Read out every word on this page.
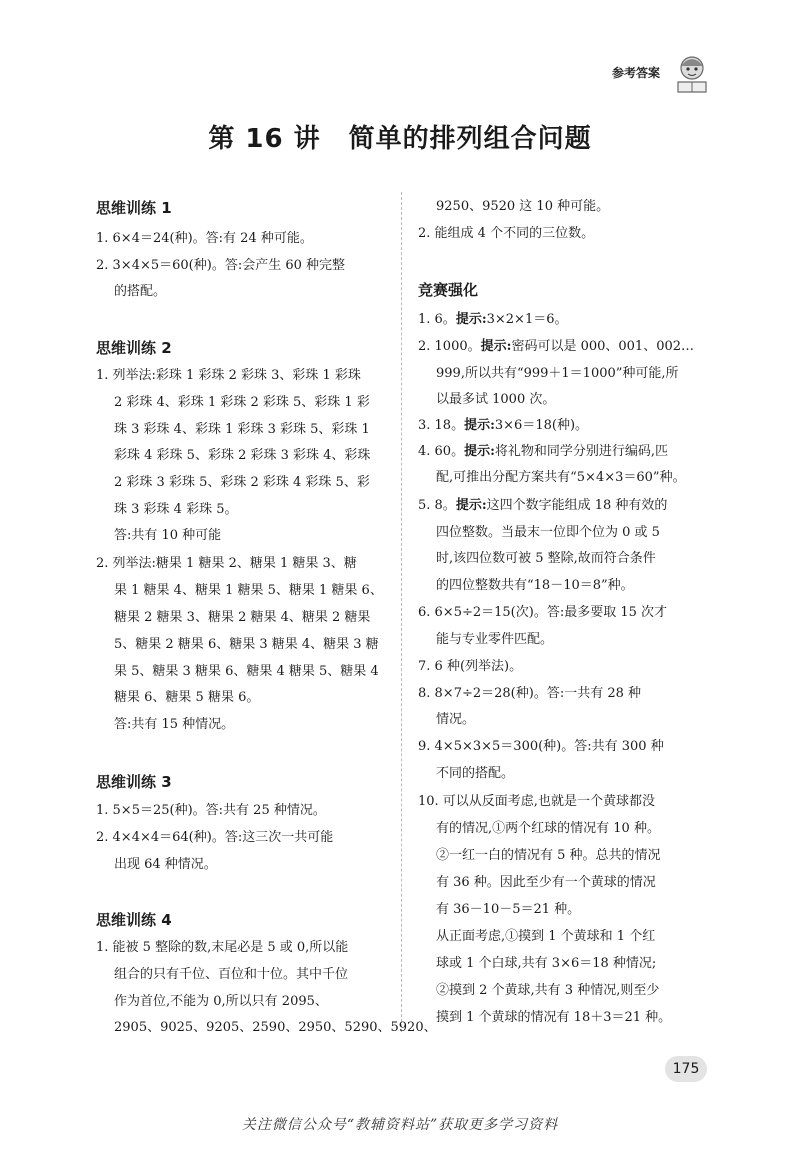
参考答案
第 16 讲 简单的排列组合问题
思维训练 1
1. 6×4＝24(种)。答:有 24 种可能。
2. 3×4×5＝60(种)。答:会产生 60 种完整
的搭配。
思维训练 2
1. 列举法:彩珠 1 彩珠 2 彩珠 3、彩珠 1 彩珠
2 彩珠 4、彩珠 1 彩珠 2 彩珠 5、彩珠 1 彩
珠 3 彩珠 4、彩珠 1 彩珠 3 彩珠 5、彩珠 1
彩珠 4 彩珠 5、彩珠 2 彩珠 3 彩珠 4、彩珠
2 彩珠 3 彩珠 5、彩珠 2 彩珠 4 彩珠 5、彩
珠 3 彩珠 4 彩珠 5。
答:共有 10 种可能
2. 列举法:糖果 1 糖果 2、糖果 1 糖果 3、糖
果 1 糖果 4、糖果 1 糖果 5、糖果 1 糖果 6、
糖果 2 糖果 3、糖果 2 糖果 4、糖果 2 糖果
5、糖果 2 糖果 6、糖果 3 糖果 4、糖果 3 糖
果 5、糖果 3 糖果 6、糖果 4 糖果 5、糖果 4
糖果 6、糖果 5 糖果 6。
答:共有 15 种情况。
思维训练 3
1. 5×5＝25(种)。答:共有 25 种情况。
2. 4×4×4＝64(种)。答:这三次一共可能
出现 64 种情况。
思维训练 4
1. 能被 5 整除的数,末尾必是 5 或 0,所以能
组合的只有千位、百位和十位。其中千位
作为首位,不能为 0,所以只有 2095、
2905、9025、9205、2590、2950、5290、5920、
9250、9520 这 10 种可能。
2. 能组成 4 个不同的三位数。
竞赛强化
1. 6。提示:3×2×1＝6。
2. 1000。提示:密码可以是 000、001、002…
999,所以共有“999＋1＝1000”种可能,所
以最多试 1000 次。
3. 18。提示:3×6＝18(种)。
4. 60。提示:将礼物和同学分别进行编码,匹
配,可推出分配方案共有“5×4×3＝60”种。
5. 8。提示:这四个数字能组成 18 种有效的
四位整数。当最末一位即个位为 0 或 5
时,该四位数可被 5 整除,故而符合条件
的四位整数共有“18－10＝8”种。
6. 6×5÷2＝15(次)。答:最多要取 15 次才
能与专业零件匹配。
7. 6 种(列举法)。
8. 8×7÷2＝28(种)。答:一共有 28 种
情况。
9. 4×5×3×5＝300(种)。答:共有 300 种
不同的搭配。
10. 可以从反面考虑,也就是一个黄球都没
有的情况,①两个红球的情况有 10 种。
②一红一白的情况有 5 种。总共的情况
有 36 种。因此至少有一个黄球的情况
有 36－10－5＝21 种。
从正面考虑,①摸到 1 个黄球和 1 个红
球或 1 个白球,共有 3×6＝18 种情况;
②摸到 2 个黄球,共有 3 种情况,则至少
摸到 1 个黄球的情况有 18＋3＝21 种。
175
关注微信公众号“教辅资料站”获取更多学习资料
